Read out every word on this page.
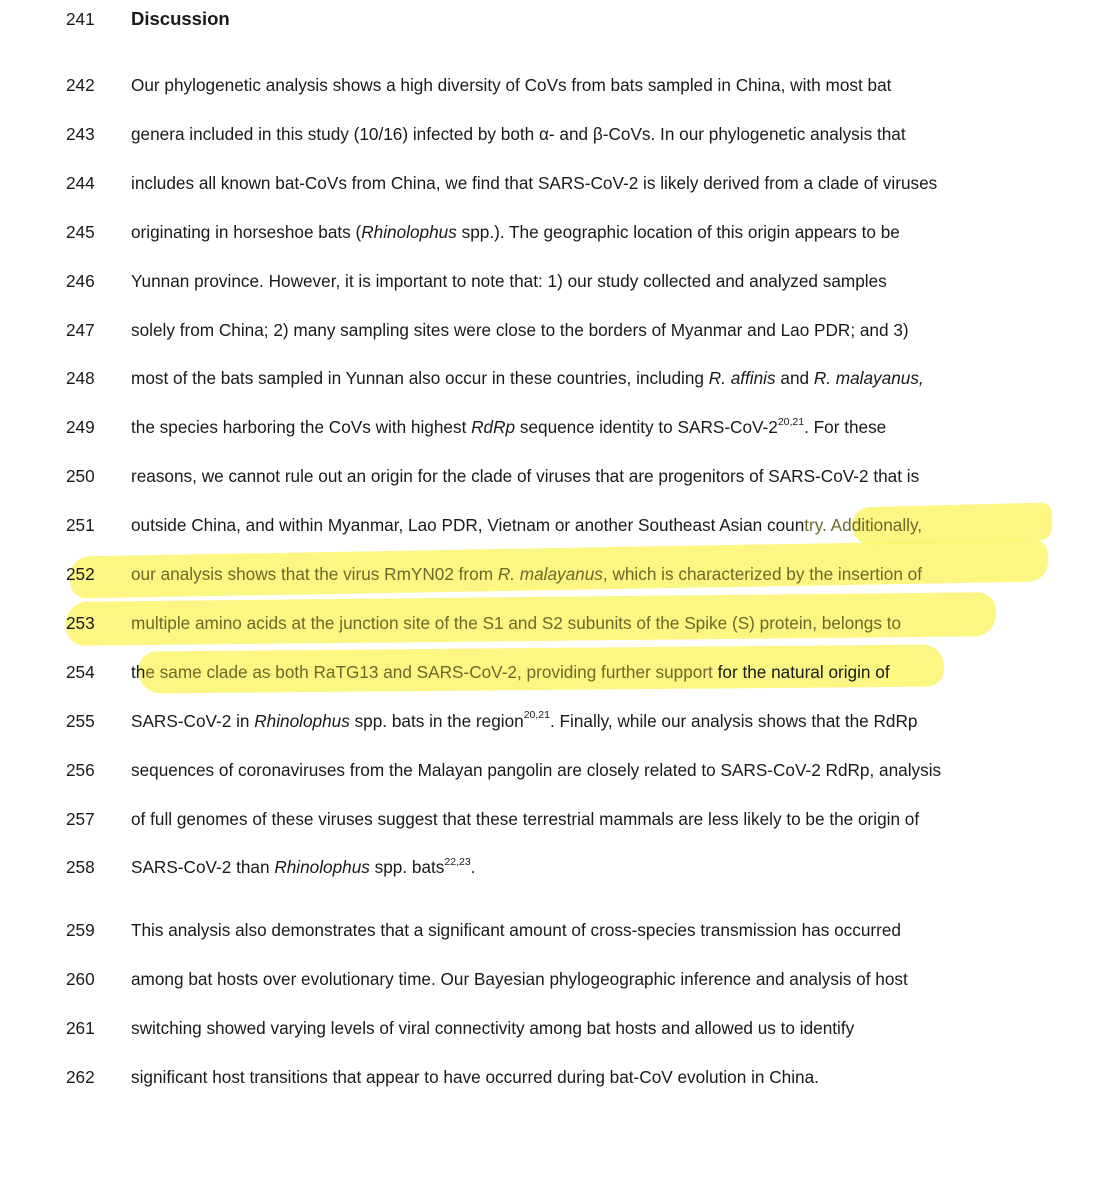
241	Discussion
242	Our phylogenetic analysis shows a high diversity of CoVs from bats sampled in China, with most bat
243	genera included in this study (10/16) infected by both α- and β-CoVs. In our phylogenetic analysis that
244	includes all known bat-CoVs from China, we find that SARS-CoV-2 is likely derived from a clade of viruses
245	originating in horseshoe bats (Rhinolophus spp.). The geographic location of this origin appears to be
246	Yunnan province. However, it is important to note that: 1) our study collected and analyzed samples
247	solely from China; 2) many sampling sites were close to the borders of Myanmar and Lao PDR; and 3)
248	most of the bats sampled in Yunnan also occur in these countries, including R. affinis and R. malayanus,
249	the species harboring the CoVs with highest RdRp sequence identity to SARS-CoV-2$^{20,21}$. For these
250	reasons, we cannot rule out an origin for the clade of viruses that are progenitors of SARS-CoV-2 that is
251	outside China, and within Myanmar, Lao PDR, Vietnam or another Southeast Asian country. Additionally,
252	our analysis shows that the virus RmYN02 from R. malayanus, which is characterized by the insertion of
253	multiple amino acids at the junction site of the S1 and S2 subunits of the Spike (S) protein, belongs to
254	the same clade as both RaTG13 and SARS-CoV-2, providing further support for the natural origin of
255	SARS-CoV-2 in Rhinolophus spp. bats in the region$^{20,21}$. Finally, while our analysis shows that the RdRp
256	sequences of coronaviruses from the Malayan pangolin are closely related to SARS-CoV-2 RdRp, analysis
257	of full genomes of these viruses suggest that these terrestrial mammals are less likely to be the origin of
258	SARS-CoV-2 than Rhinolophus spp. bats$^{22,23}$.
259	This analysis also demonstrates that a significant amount of cross-species transmission has occurred
260	among bat hosts over evolutionary time. Our Bayesian phylogeographic inference and analysis of host
261	switching showed varying levels of viral connectivity among bat hosts and allowed us to identify
262	significant host transitions that appear to have occurred during bat-CoV evolution in China.
